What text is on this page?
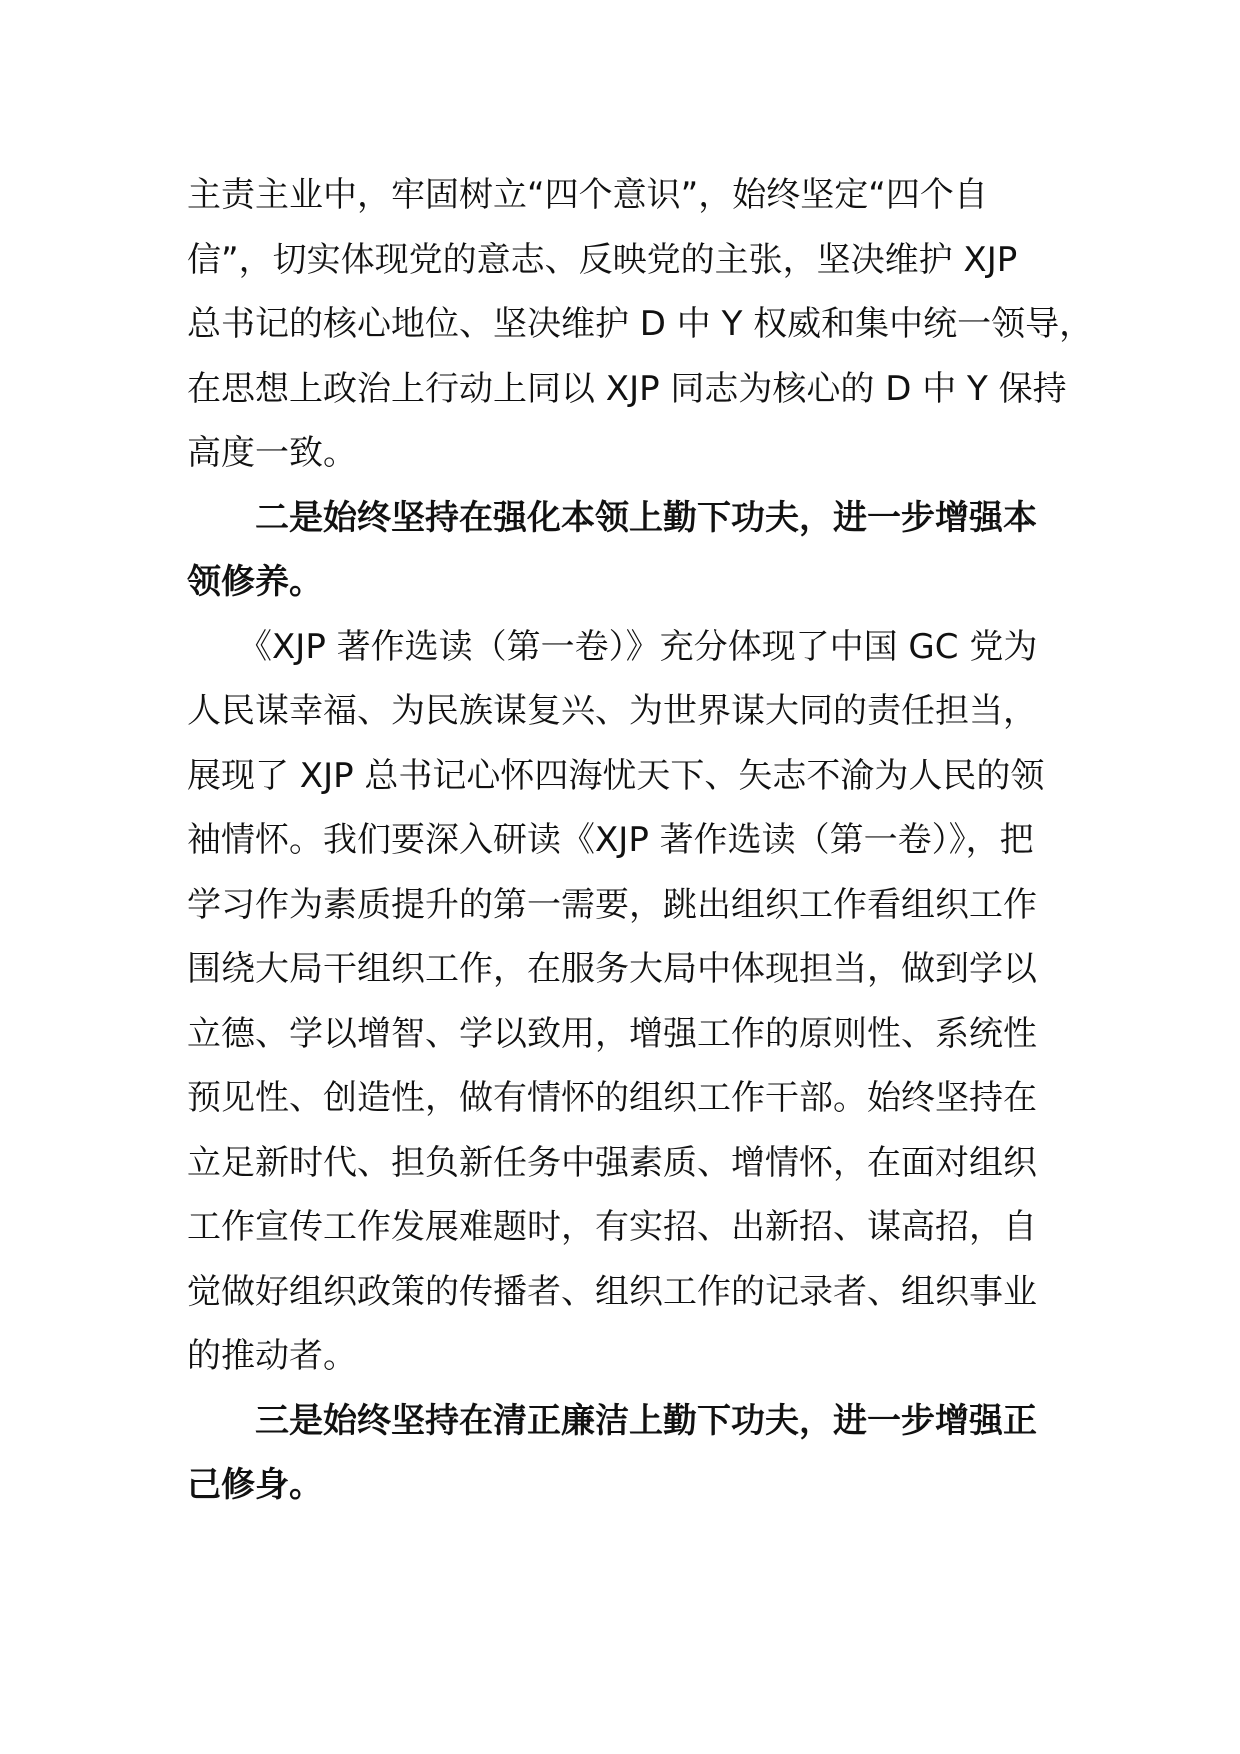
主责主业中，牢固树立“四个意识”，始终坚定“四个自
信”，切实体现党的意志、反映党的主张，坚决维护 XJP
总书记的核心地位、坚决维护 D 中 Y 权威和集中统一领导，
在思想上政治上行动上同以 XJP 同志为核心的 D 中 Y 保持
高度一致。
　　二是始终坚持在强化本领上勤下功夫，进一步增强本
领修养。
　　《XJP 著作选读（第一卷）》充分体现了中国 GC 党为
人民谋幸福、为民族谋复兴、为世界谋大同的责任担当，
展现了 XJP 总书记心怀四海忧天下、矢志不渝为人民的领
袖情怀。我们要深入研读《XJP 著作选读（第一卷）》，把
学习作为素质提升的第一需要，跳出组织工作看组织工作
围绕大局干组织工作，在服务大局中体现担当，做到学以
立德、学以增智、学以致用，增强工作的原则性、系统性
预见性、创造性，做有情怀的组织工作干部。始终坚持在
立足新时代、担负新任务中强素质、增情怀，在面对组织
工作宣传工作发展难题时，有实招、出新招、谋高招，自
觉做好组织政策的传播者、组织工作的记录者、组织事业
的推动者。
　　三是始终坚持在清正廉洁上勤下功夫，进一步增强正
己修身。
